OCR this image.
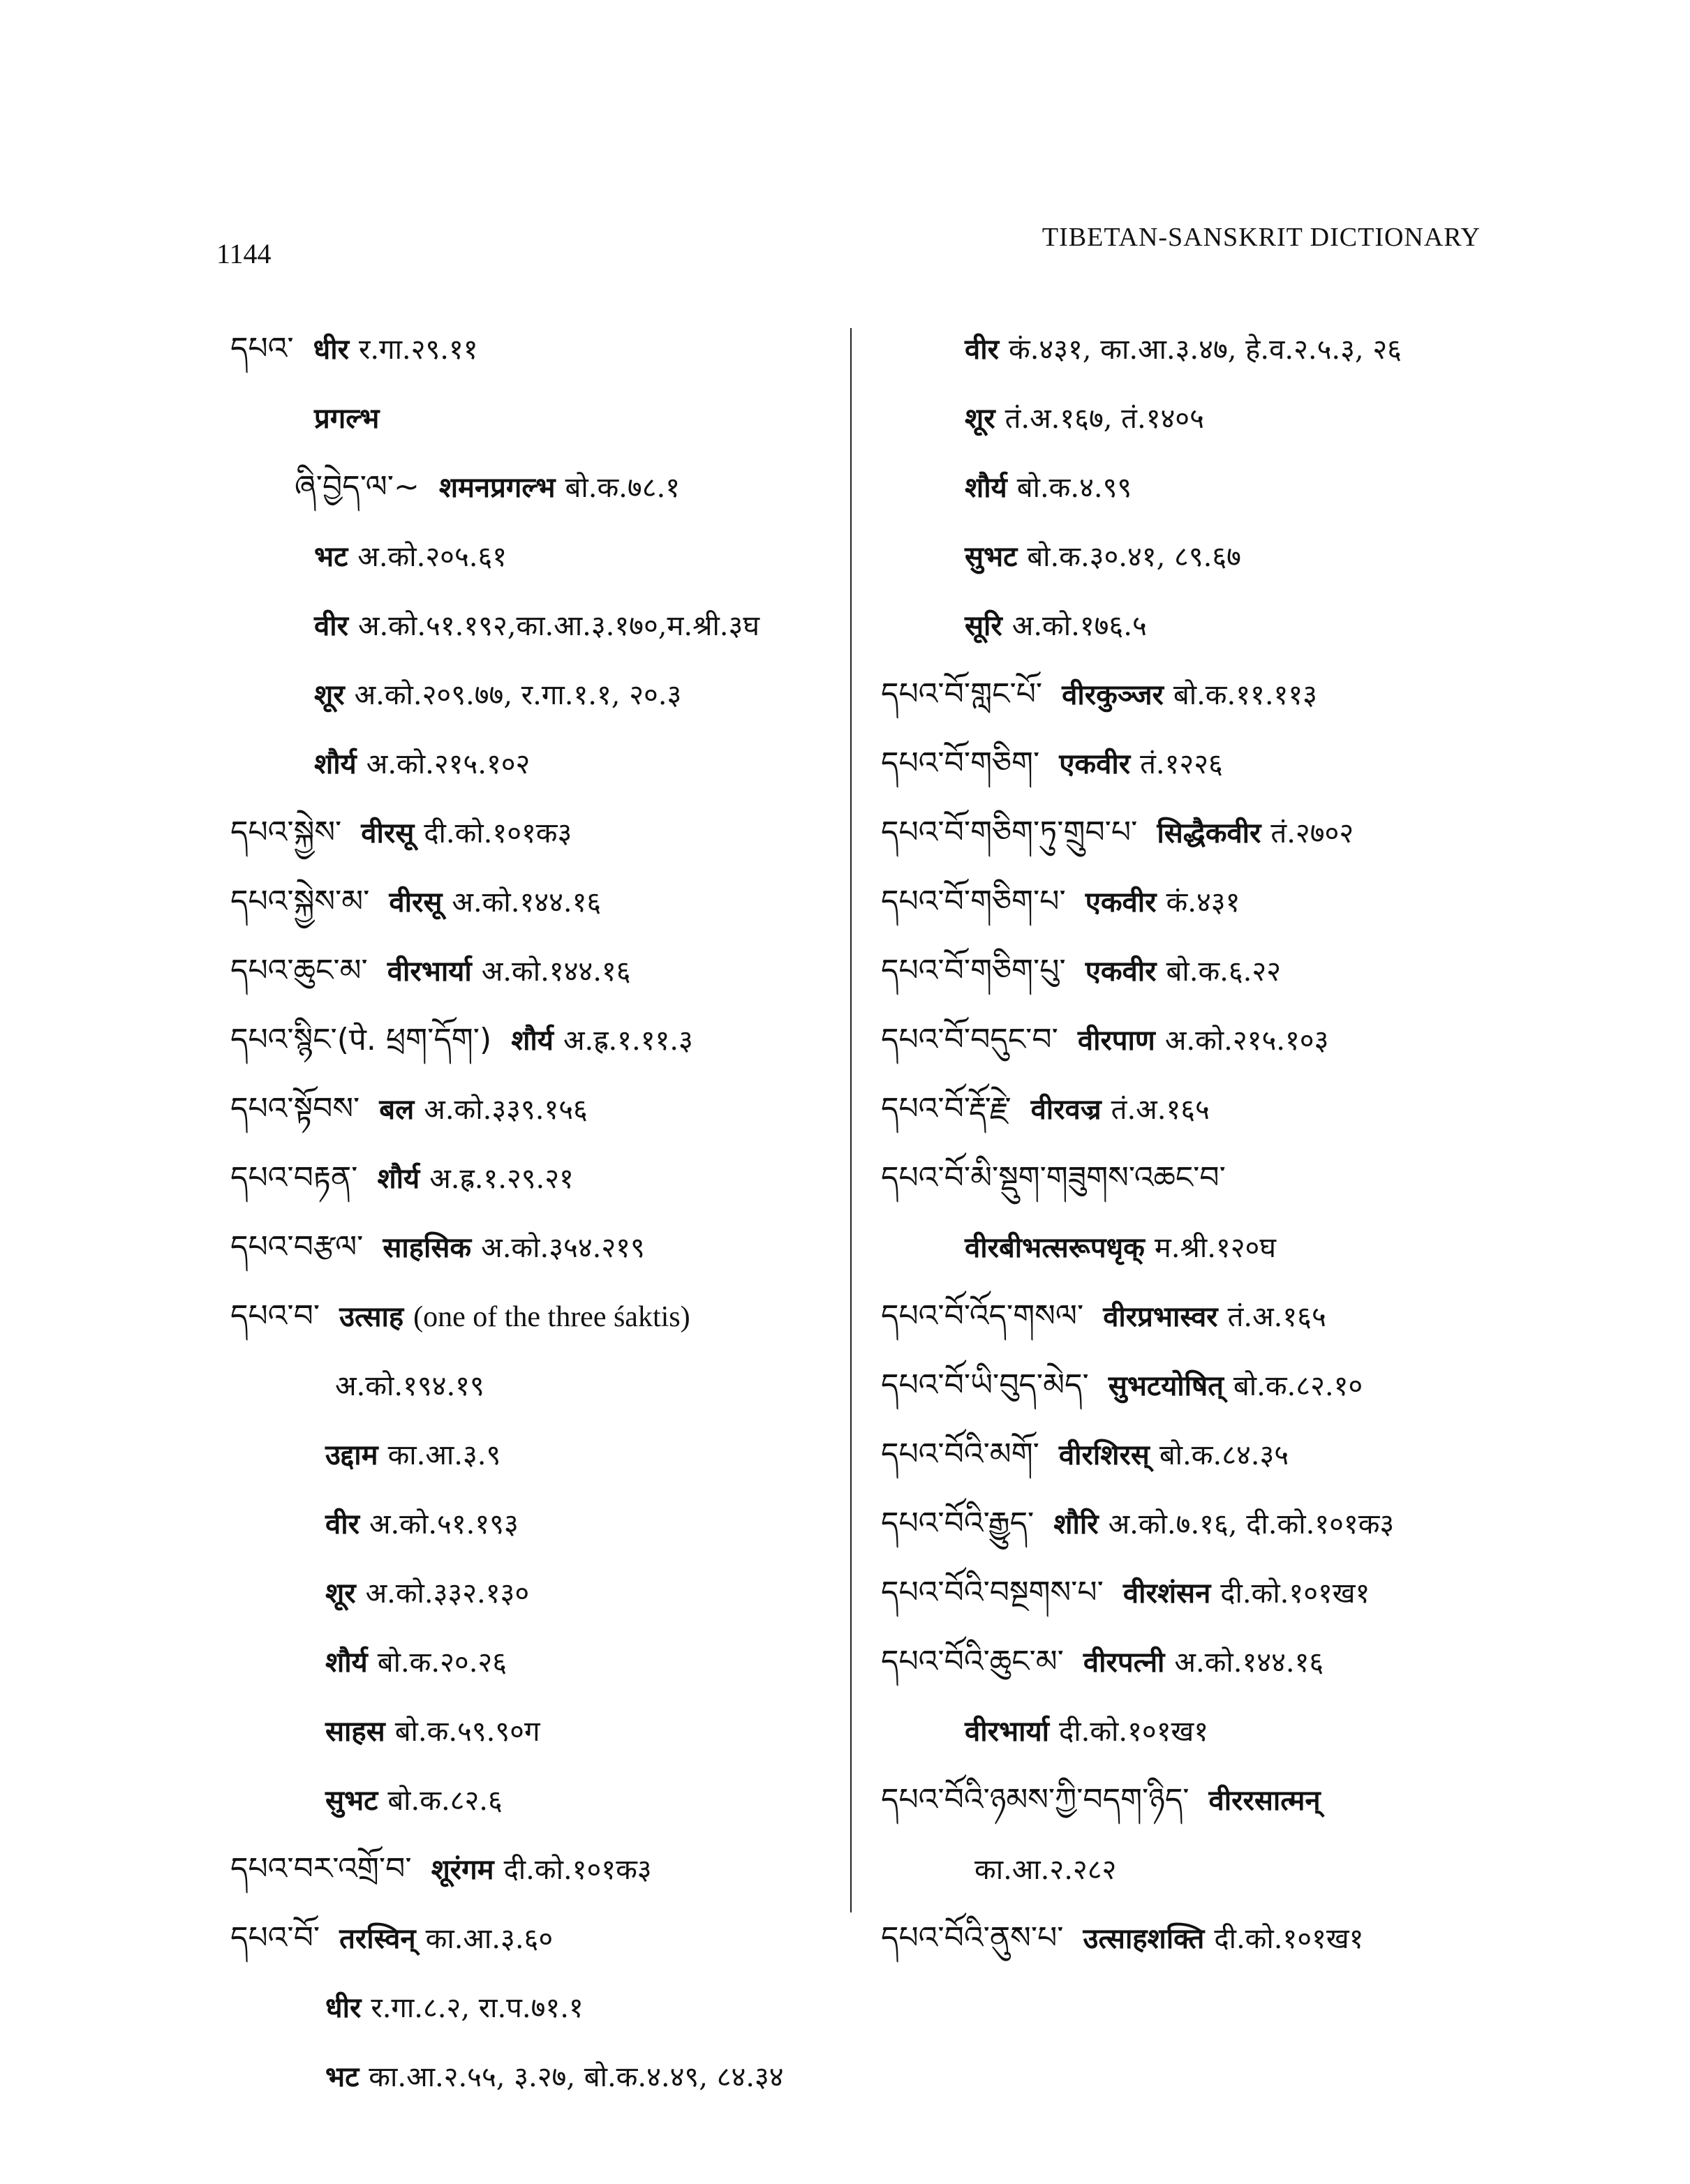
1144
TIBETAN-SANSKRIT DICTIONARY
དཔའ་ धीर र.गा.२९.११
प्रगल्भ
ཞི་བྱེད་ལ་~ शमनप्रगल्भ बो.क.७८.१
भट अ.को.२०५.६१
वीर अ.को.५१.१९२,का.आ.३.१७०,म.श्री.३घ
शूर अ.को.२०९.७७, र.गा.१.१, २०.३
शौर्य अ.को.२१५.१०२
དཔའ་སྐྱེས་ वीरसू दी.को.१०१क३
དཔའ་སྐྱེས་མ་ वीरसू अ.को.१४४.१६
དཔའ་ཆུང་མ་ वीरभार्या अ.को.१४४.१६
དཔའ་སྙིང་(पे. ཕྲག་དོག་) शौर्य अ.ह्र.१.११.३
དཔའ་སྟོབས་ बल अ.को.३३९.१५६
དཔའ་བརྟན་ शौर्य अ.ह्र.१.२९.२१
དཔའ་བརྩལ་ साहसिक अ.को.३५४.२१९
དཔའ་བ་ उत्साह (one of the three śaktis)
अ.को.१९४.१९
उद्दाम का.आ.३.९
वीर अ.को.५१.१९३
शूर अ.को.३३२.१३०
शौर्य बो.क.२०.२६
साहस बो.क.५९.९०ग
सुभट बो.क.८२.६
དཔའ་བར་འགྲོ་བ་ शूरंगम दी.को.१०१क३
དཔའ་བོ་ तरस्विन् का.आ.३.६०
धीर र.गा.८.२, रा.प.७१.१
भट का.आ.२.५५, ३.२७, बो.क.४.४९, ८४.३४
वीर कं.४३१, का.आ.३.४७, हे.व.२.५.३, २६
शूर तं.अ.१६७, तं.१४०५
शौर्य बो.क.४.९९
सुभट बो.क.३०.४१, ८९.६७
सूरि अ.को.१७६.५
དཔའ་བོ་གླང་པོ་ वीरकुञ्जर बो.क.११.११३
དཔའ་བོ་གཅིག་ एकवीर तं.१२२६
དཔའ་བོ་གཅིག་ཏུ་གྲུབ་པ་ सिद्धैकवीर तं.२७०२
དཔའ་བོ་གཅིག་པ་ एकवीर कं.४३१
དཔའ་བོ་གཅིག་པུ་ एकवीर बो.क.६.२२
དཔའ་བོ་བདུང་བ་ वीरपाण अ.को.२१५.१०३
དཔའ་བོ་རྡོ་རྗེ་ वीरवज्र तं.अ.१६५
དཔའ་བོ་མི་སྡུག་གཟུགས་འཆང་བ་
वीरबीभत्सरूपधृक् म.श्री.१२०घ
དཔའ་བོ་འོད་གསལ་ वीरप्रभास्वर तं.अ.१६५
དཔའ་བོ་ཡི་བུད་མེད་ सुभटयोषित् बो.क.८२.१०
དཔའ་བོའི་མགོ་ वीरशिरस् बो.क.८४.३५
དཔའ་བོའི་རྒྱུད་ शौरि अ.को.७.१६, दी.को.१०१क३
དཔའ་བོའི་བསྔགས་པ་ वीरशंसन दी.को.१०१ख१
དཔའ་བོའི་ཆུང་མ་ वीरपत्नी अ.को.१४४.१६
वीरभार्या दी.को.१०१ख१
དཔའ་བོའི་ཉམས་ཀྱི་བདག་ཉིད་ वीररसात्मन्
का.आ.२.२८२
དཔའ་བོའི་ནུས་པ་ उत्साहशक्ति दी.को.१०१ख१
